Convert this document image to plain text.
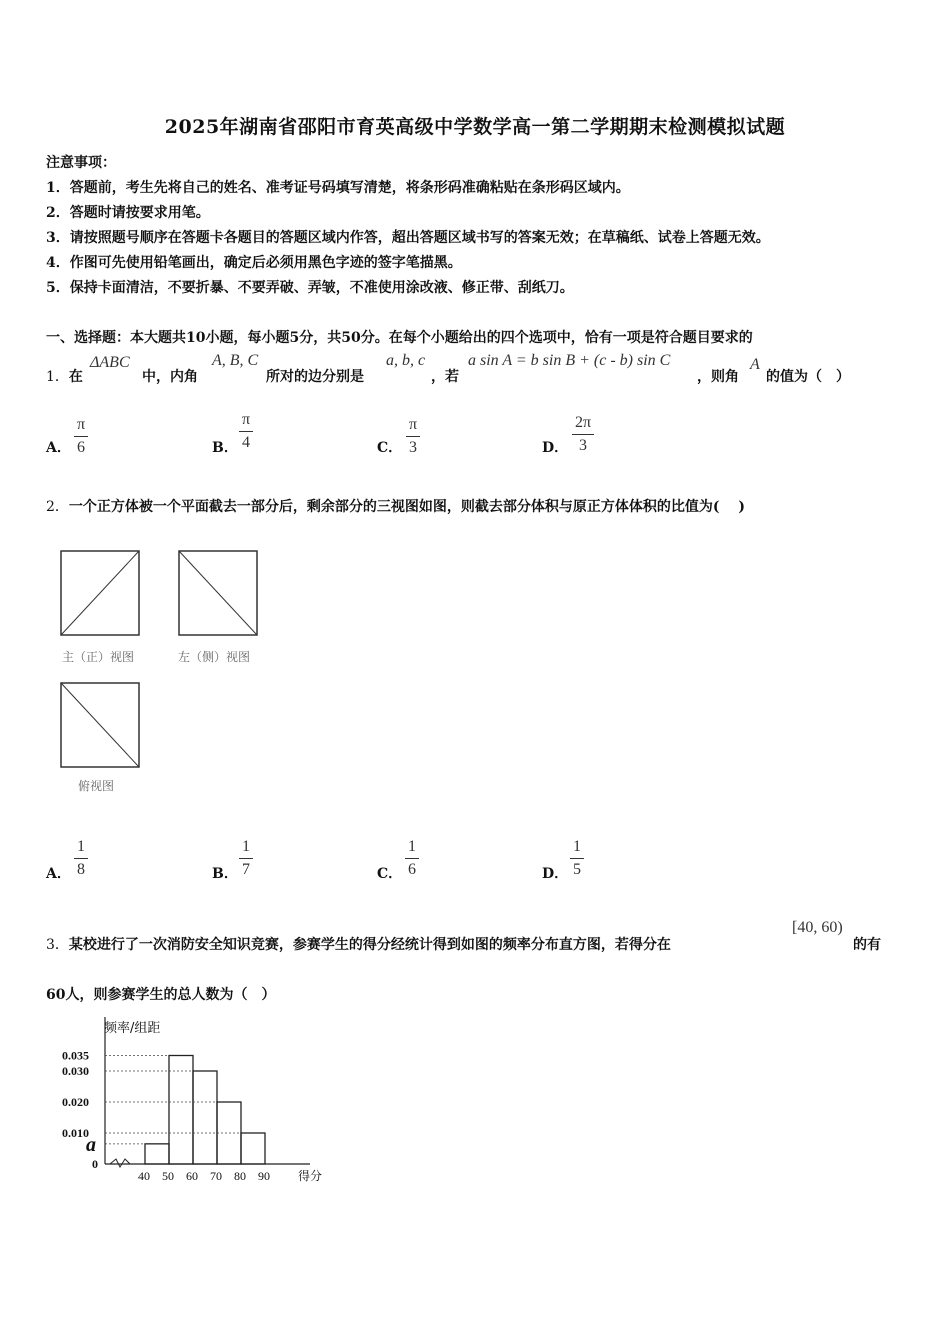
2025年湖南省邵阳市育英高级中学数学高一第二学期期末检测模拟试题
注意事项：
1．答题前，考生先将自己的姓名、准考证号码填写清楚，将条形码准确粘贴在条形码区域内。
2．答题时请按要求用笔。
3．请按照题号顺序在答题卡各题目的答题区域内作答，超出答题区域书写的答案无效；在草稿纸、试卷上答题无效。
4．作图可先使用铅笔画出，确定后必须用黑色字迹的签字笔描黑。
5．保持卡面清洁，不要折暴、不要弄破、弄皱，不准使用涂改液、修正带、刮纸刀。
一、选择题：本大题共10小题，每小题5分，共50分。在每个小题给出的四个选项中，恰有一项是符合题目要求的
1．在
ΔABC
中，内角
A, B, C
所对的边分别是
a, b, c
，若
a sin A = b sin B + (c - b) sin C
，则角
A
的值为（　）
A．
π
6	B．
π
4	C．
π
3	D．
2π
3
2．一个正方体被一个平面截去一部分后，剩余部分的三视图如图，则截去部分体积与原正方体体积的比值为(　 )
主（正）视图	左（侧）视图
俯视图
A．
1
8	B．
1
7	C．
1
6	D．
1
5
3．某校进行了一次消防安全知识竞赛，参赛学生的得分经统计得到如图的频率分布直方图，若得分在
[40, 60)
的有
60人，则参赛学生的总人数为（　）
0.035
0.030
0.020
0.010
a
0
40 50 60 70 80 90
频率/组距
得分
